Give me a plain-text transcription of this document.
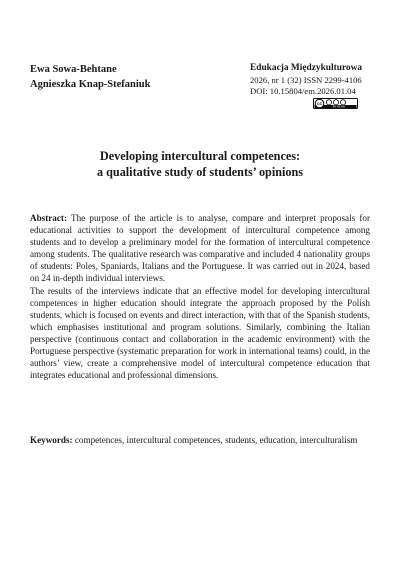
Ewa Sowa-Behtane
Agnieszka Knap-Stefaniuk
Edukacja Międzykulturowa
2026, nr 1 (32) ISSN 2299-4106
DOI: 10.15804/em.2026.01.04
cc
BY NC ND
Developing intercultural competences:
a qualitative study of students’ opinions

Abstract: The purpose of the article is to analyse, compare and interpret proposals for educational activities to support the development of intercultural competence among students and to develop a preliminary model for the formation of intercultural competence among students. The qualitative research was comparative and included 4 nationality groups of students: Poles, Spaniards, Italians and the Portuguese. It was carried out in 2024, based on 24 in-depth individual interviews.

The results of the interviews indicate that an effective model for developing intercultural competences in higher education should integrate the approach proposed by the Polish students, which is focused on events and direct interaction, with that of the Spanish students, which emphasises institutional and program solutions. Similarly, combining the Italian perspective (continuous contact and collaboration in the academic environment) with the Portuguese perspective (systematic preparation for work in international teams) could, in the authors’ view, create a comprehensive model of intercultural competence education that integrates educational and professional dimensions.

Keywords: competences, intercultural competences, students, education, interculturalism
